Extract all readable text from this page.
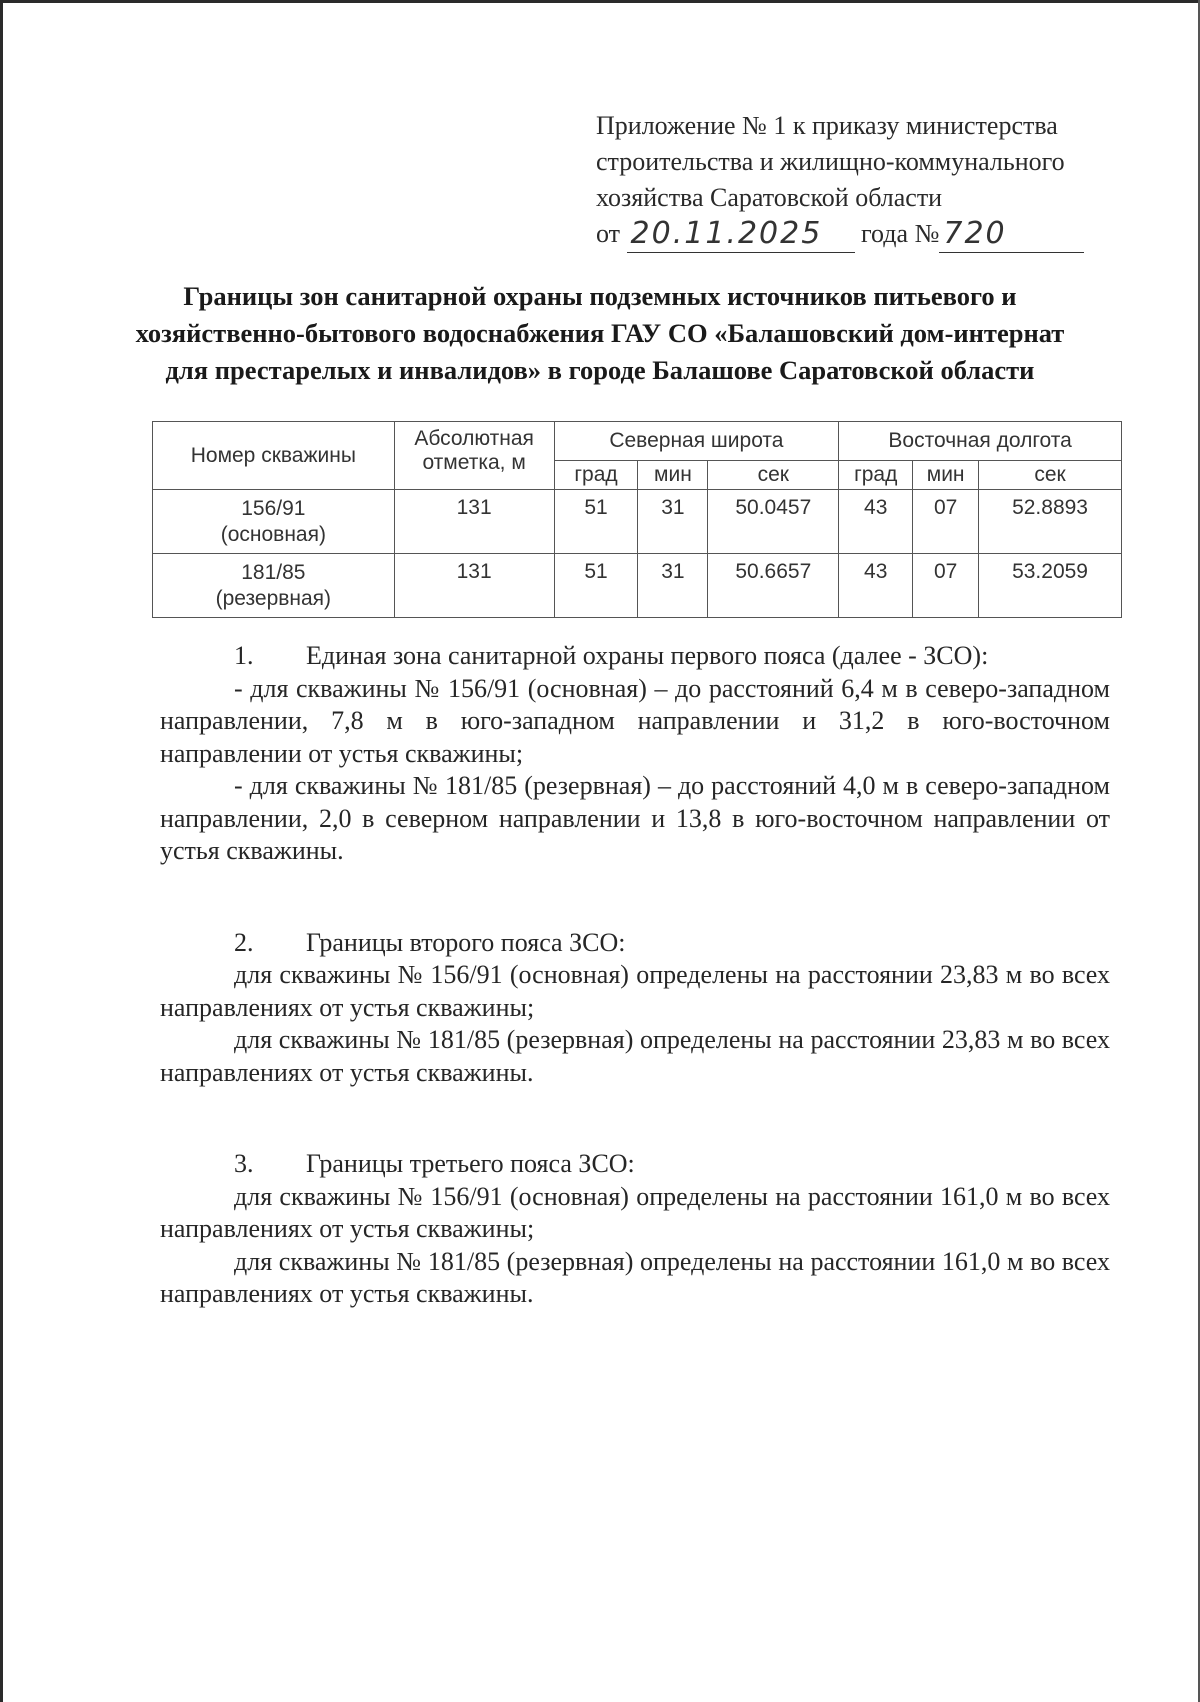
Приложение № 1 к приказу министерства
строительства и жилищно-коммунального
хозяйства Саратовской области
от 20.11.2025 года № 720
Границы зон санитарной охраны подземных источников питьевого и хозяйственно-бытового водоснабжения ГАУ СО «Балашовский дом-интернат для престарелых и инвалидов» в городе Балашове Саратовской области
Номер скважины	Абсолютная отметка, м	Северная широта			Восточная долгота		
		град	мин	сек	град	мин	сек
156/91
(основная)	131	51	31	50.0457	43	07	52.8893
181/85
(резервная)	131	51	31	50.6657	43	07	53.2059

1. Единая зона санитарной охраны первого пояса (далее - ЗСО):

- для скважины № 156/91 (основная) – до расстояний 6,4 м в северо-западном направлении, 7,8 м в юго-западном направлении и 31,2 в юго-восточном направлении от устья скважины;

- для скважины № 181/85 (резервная) – до расстояний 4,0 м в северо-западном направлении, 2,0 в северном направлении и 13,8 в юго-восточном направлении от устья скважины.

2. Границы второго пояса ЗСО:

для скважины № 156/91 (основная) определены на расстоянии 23,83 м во всех направлениях от устья скважины;

для скважины № 181/85 (резервная) определены на расстоянии 23,83 м во всех направлениях от устья скважины.

3. Границы третьего пояса ЗСО:

для скважины № 156/91 (основная) определены на расстоянии 161,0 м во всех направлениях от устья скважины;

для скважины № 181/85 (резервная) определены на расстоянии 161,0 м во всех направлениях от устья скважины.
